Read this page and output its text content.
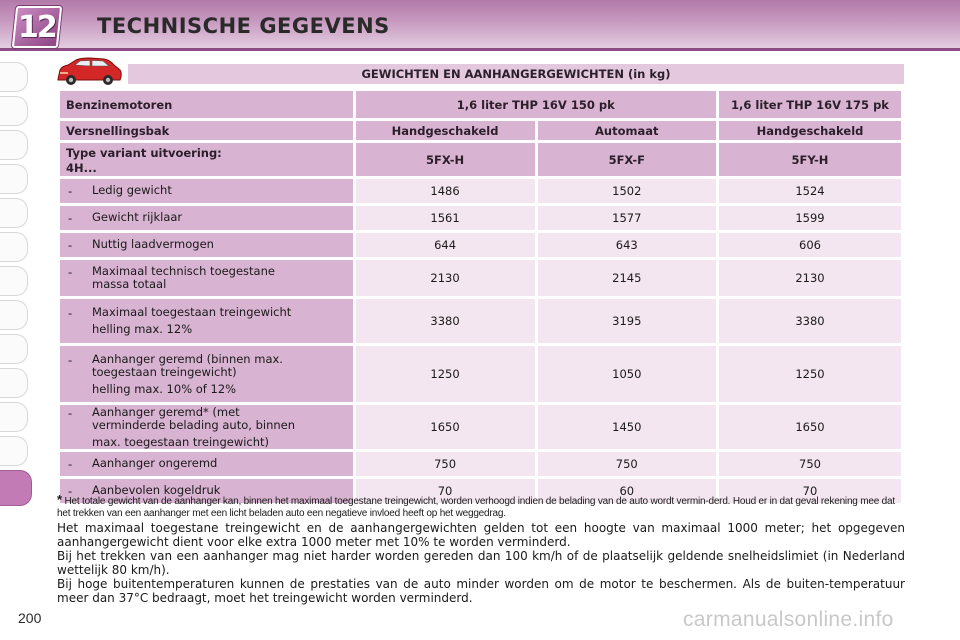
12 TECHNISCHE GEGEVENS
GEWICHTEN EN AANHANGERGEWICHTEN (in kg)
Benzinemotoren	1,6 liter THP 16V 150 pk		1,6 liter THP 16V 175 pk
Versnellingsbak	Handgeschakeld	Automaat	Handgeschakeld

Type variant uitvoering:
4H...	5FX-H	5FX-F	5FY-H

- Ledig gewicht	1486	1502	1524

- Gewicht rijklaar	1561	1577	1599

- Nuttig laadvermogen	644	643	606

- Maximaal technisch toegestane
massa totaal	2130	2145	2130

- Maximaal toegestaan treingewicht
helling max. 12%	3380	3195	3380

- Aanhanger geremd (binnen max.
toegestaan treingewicht)
helling max. 10% of 12%	1250	1050	1250

- Aanhanger geremd* (met
verminderde belading auto, binnen
max. toegestaan treingewicht)	1650	1450	1650

- Aanhanger ongeremd	750	750	750

- Aanbevolen kogeldruk	70	60	70
* Het totale gewicht van de aanhanger kan, binnen het maximaal toegestane treingewicht, worden verhoogd indien de belading van de auto wordt vermin-derd. Houd er in dat geval rekening mee dat het trekken van een aanhanger met een licht beladen auto een negatieve invloed heeft op het weggedrag.

Het maximaal toegestane treingewicht en de aanhangergewichten gelden tot een hoogte van maximaal 1000 meter; het opgegeven aanhangergewicht dient voor elke extra 1000 meter met 10% te worden verminderd.

Bij het trekken van een aanhanger mag niet harder worden gereden dan 100 km/h of de plaatselijk geldende snelheidslimiet (in Nederland wettelijk 80 km/h).

Bij hoge buitentemperaturen kunnen de prestaties van de auto minder worden om de motor te beschermen. Als de buiten-temperatuur meer dan 37°C bedraagt, moet het treingewicht worden verminderd.

200	carmanualsonline.info
